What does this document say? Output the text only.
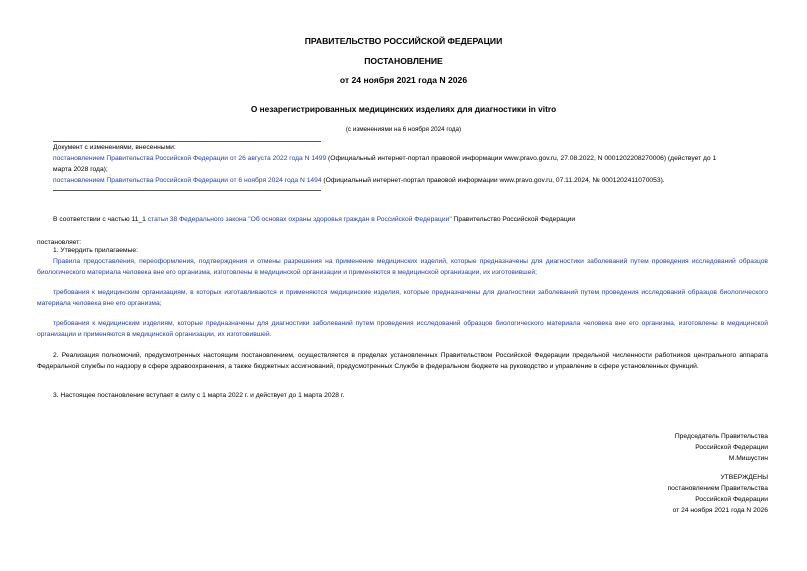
ПРАВИТЕЛЬСТВО РОССИЙСКОЙ ФЕДЕРАЦИИ
ПОСТАНОВЛЕНИЕ
от 24 ноября 2021 года N 2026
О незарегистрированных медицинских изделиях для диагностики in vitro
(с изменениями на 6 ноября 2024 года)
Документ с изменениями, внесенными:
постановлением Правительства Российской Федерации от 26 августа 2022 года N 1499 (Официальный интернет-портал правовой информации www.pravo.gov.ru, 27.08.2022, N 0001202208270006) (действует до 1
марта 2028 года);
постановлением Правительства Российской Федерации от 6 ноября 2024 года N 1494 (Официальный интернет-портал правовой информации www.pravo.gov.ru, 07.11.2024, № 0001202411070053).
В соответствии с частью 11_1 статьи 38 Федерального закона "Об основах охраны здоровья граждан в Российской Федерации" Правительство Российской Федерации
постановляет:
1. Утвердить прилагаемые:
Правила предоставления, переоформления, подтверждения и отмены разрешения на применение медицинских изделий, которые предназначены для диагностики заболеваний путем проведения исследований образцов биологического материала человека вне его организма, изготовлены в медицинской организации и применяются в медицинской организации, их изготовившей;
требования к медицинским организациям, в которых изготавливаются и применяются медицинские изделия, которые предназначены для диагностики заболеваний путем проведения исследований образцов биологического материала человека вне его организма;
требования к медицинским изделиям, которые предназначены для диагностики заболеваний путем проведения исследований образцов биологического материала человека вне его организма, изготовлены в медицинской организации и применяются в медицинской организации, их изготовившей.
2. Реализация полномочий, предусмотренных настоящим постановлением, осуществляется в пределах установленных Правительством Российской Федерации предельной численности работников центрального аппарата Федеральной службы по надзору в сфере здравоохранения, а также бюджетных ассигнований, предусмотренных Службе в федеральном бюджете на руководство и управление в сфере установленных функций.
3. Настоящее постановление вступает в силу с 1 марта 2022 г. и действует до 1 марта 2028 г.
Председатель Правительства
Российской Федерации
М.Мишустин
УТВЕРЖДЕНЫ
постановлением Правительства
Российской Федерации
от 24 ноября 2021 года N 2026
